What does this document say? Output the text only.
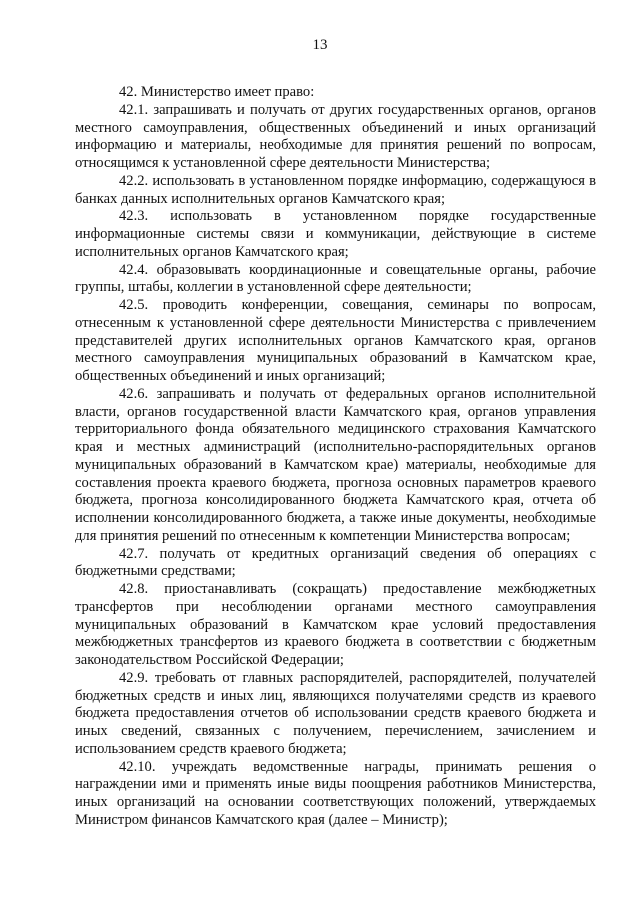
13

42. Министерство имеет право:

42.1. запрашивать и получать от других государственных органов, органов местного самоуправления, общественных объединений и иных организаций информацию и материалы, необходимые для принятия решений по вопросам, относящимся к установленной сфере деятельности Министерства;

42.2. использовать в установленном порядке информацию, содержащуюся в банках данных исполнительных органов Камчатского края;

42.3. использовать в установленном порядке государственные информационные системы связи и коммуникации, действующие в системе исполнительных органов Камчатского края;

42.4. образовывать координационные и совещательные органы, рабочие группы, штабы, коллегии в установленной сфере деятельности;

42.5. проводить конференции, совещания, семинары по вопросам, отнесенным к установленной сфере деятельности Министерства с привлечением представителей других исполнительных органов Камчатского края, органов местного самоуправления муниципальных образований в Камчатском крае, общественных объединений и иных организаций;

42.6. запрашивать и получать от федеральных органов исполнительной власти, органов государственной власти Камчатского края, органов управления территориального фонда обязательного медицинского страхования Камчатского края и местных администраций (исполнительно-распорядительных органов муниципальных образований в Камчатском крае) материалы, необходимые для составления проекта краевого бюджета, прогноза основных параметров краевого бюджета, прогноза консолидированного бюджета Камчатского края, отчета об исполнении консолидированного бюджета, а также иные документы, необходимые для принятия решений по отнесенным к компетенции Министерства вопросам;

42.7. получать от кредитных организаций сведения об операциях с бюджетными средствами;

42.8. приостанавливать (сокращать) предоставление межбюджетных трансфертов при несоблюдении органами местного самоуправления муниципальных образований в Камчатском крае условий предоставления межбюджетных трансфертов из краевого бюджета в соответствии с бюджетным законодательством Российской Федерации;

42.9. требовать от главных распорядителей, распорядителей, получателей бюджетных средств и иных лиц, являющихся получателями средств из краевого бюджета предоставления отчетов об использовании средств краевого бюджета и иных сведений, связанных с получением, перечислением, зачислением и использованием средств краевого бюджета;

42.10. учреждать ведомственные награды, принимать решения о награждении ими и применять иные виды поощрения работников Министерства, иных организаций на основании соответствующих положений, утверждаемых Министром финансов Камчатского края (далее – Министр);
